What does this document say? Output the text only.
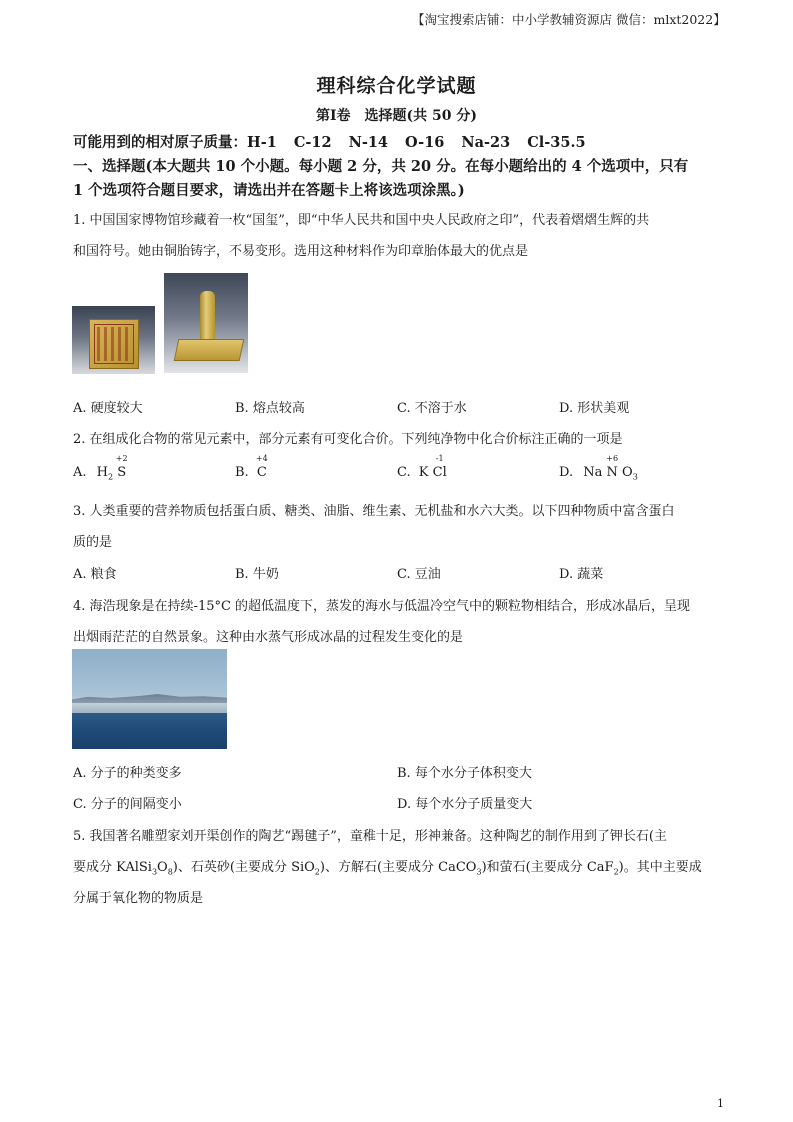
【淘宝搜索店铺：中小学教辅资源店 微信：mlxt2022】
理科综合化学试题
第Ⅰ卷　选择题(共 50 分)
可能用到的相对原子质量：H-1 C-12 N-14 O-16 Na-23 Cl-35.5
一、选择题(本大题共 10 个小题。每小题 2 分，共 20 分。在每小题给出的 4 个选项中，只有
1 个选项符合题目要求，请选出并在答题卡上将该选项涂黑。)
1. 中国国家博物馆珍藏着一枚“国玺”，即“中华人民共和国中央人民政府之印”，代表着熠熠生辉的共
和国符号。她由铜胎铸字，不易变形。选用这种材料作为印章胎体最大的优点是
A. 硬度较大	B. 熔点较高	C. 不溶于水	D. 形状美观
2. 在组成化合物的常见元素中，部分元素有可变化合价。下列纯净物中化合价标注正确的一项是
A. $H_2$
+2
S	B.
+4
C	C. K
-1
Cl	D. Na
+6
N $O_3$
3. 人类重要的营养物质包括蛋白质、糖类、油脂、维生素、无机盐和水六大类。以下四种物质中富含蛋白
质的是
A. 粮食	B. 牛奶	C. 豆油	D. 蔬菜
4. 海浩现象是在持续-15°C 的超低温度下，蒸发的海水与低温冷空气中的颗粒物相结合，形成冰晶后，呈现
出烟雨茫茫的自然景象。这种由水蒸气形成冰晶的过程发生变化的是
A. 分子的种类变多	B. 每个水分子体积变大
C. 分子的间隔变小	D. 每个水分子质量变大
5. 我国著名雕塑家刘开渠创作的陶艺“踢毽子”，童稚十足，形神兼备。这种陶艺的制作用到了钾长石(主
要成分 $KAlSi_3O_8$)、石英砂(主要成分 SiO$_2$)、方解石(主要成分 CaCO$_3$)和萤石(主要成分 CaF$_2$)。其中主要成
分属于氧化物的物质是
1
